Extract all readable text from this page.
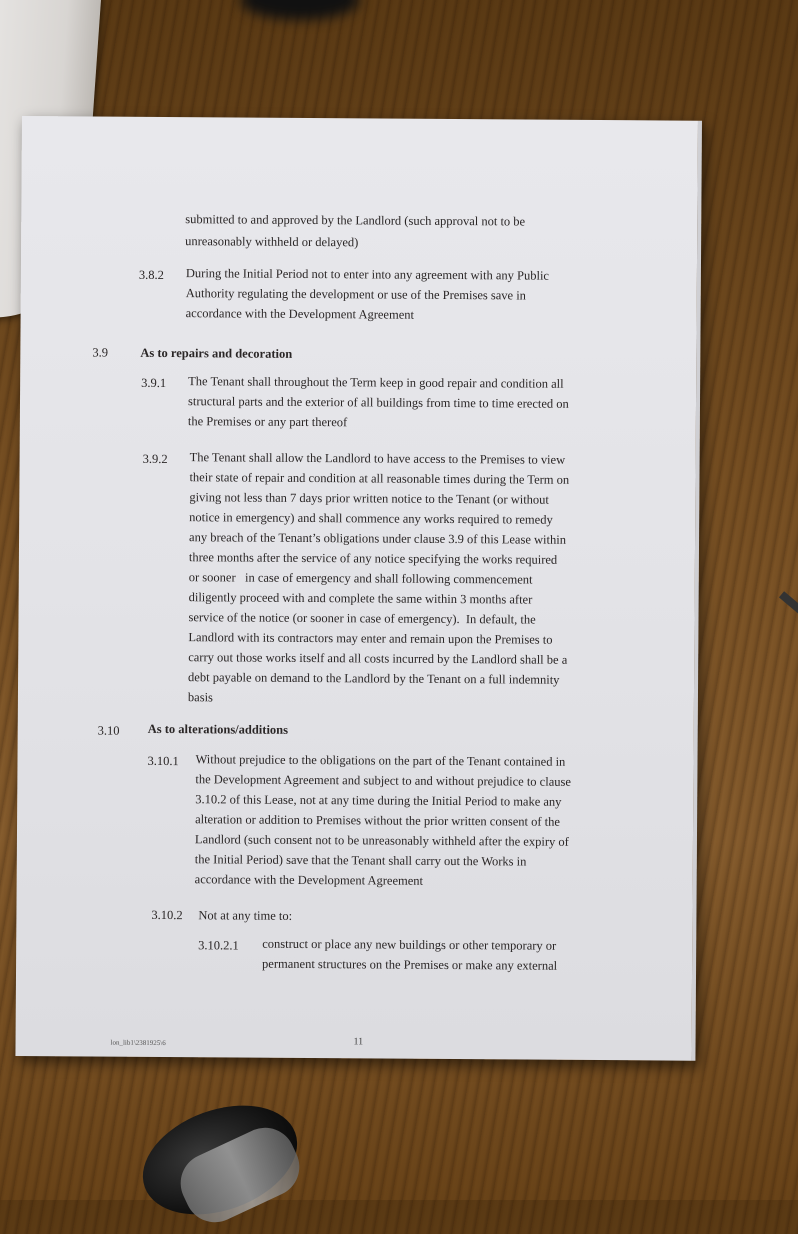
submitted to and approved by the Landlord (such approval not to be
unreasonably withheld or delayed)
3.8.2 During the Initial Period not to enter into any agreement with any Public
Authority regulating the development or use of the Premises save in
accordance with the Development Agreement
3.9	As to repairs and decoration
3.9.1 The Tenant shall throughout the Term keep in good repair and condition all
structural parts and the exterior of all buildings from time to time erected on
the Premises or any part thereof
3.9.2 The Tenant shall allow the Landlord to have access to the Premises to view
their state of repair and condition at all reasonable times during the Term on
giving not less than 7 days prior written notice to the Tenant (or without
notice in emergency) and shall commence any works required to remedy
any breach of the Tenant’s obligations under clause 3.9 of this Lease within
three months after the service of any notice specifying the works required
or sooner   in case of emergency and shall following commencement
diligently proceed with and complete the same within 3 months after
service of the notice (or sooner in case of emergency).  In default, the
Landlord with its contractors may enter and remain upon the Premises to
carry out those works itself and all costs incurred by the Landlord shall be a
debt payable on demand to the Landlord by the Tenant on a full indemnity
basis
3.10 As to alterations/additions
3.10.1 Without prejudice to the obligations on the part of the Tenant contained in
the Development Agreement and subject to and without prejudice to clause
3.10.2 of this Lease, not at any time during the Initial Period to make any
alteration or addition to Premises without the prior written consent of the
Landlord (such consent not to be unreasonably withheld after the expiry of
the Initial Period) save that the Tenant shall carry out the Works in
accordance with the Development Agreement
3.10.2 Not at any time to:
3.10.2.1 construct or place any new buildings or other temporary or
permanent structures on the Premises or make any external
lon_lib1\2381925\6	11
